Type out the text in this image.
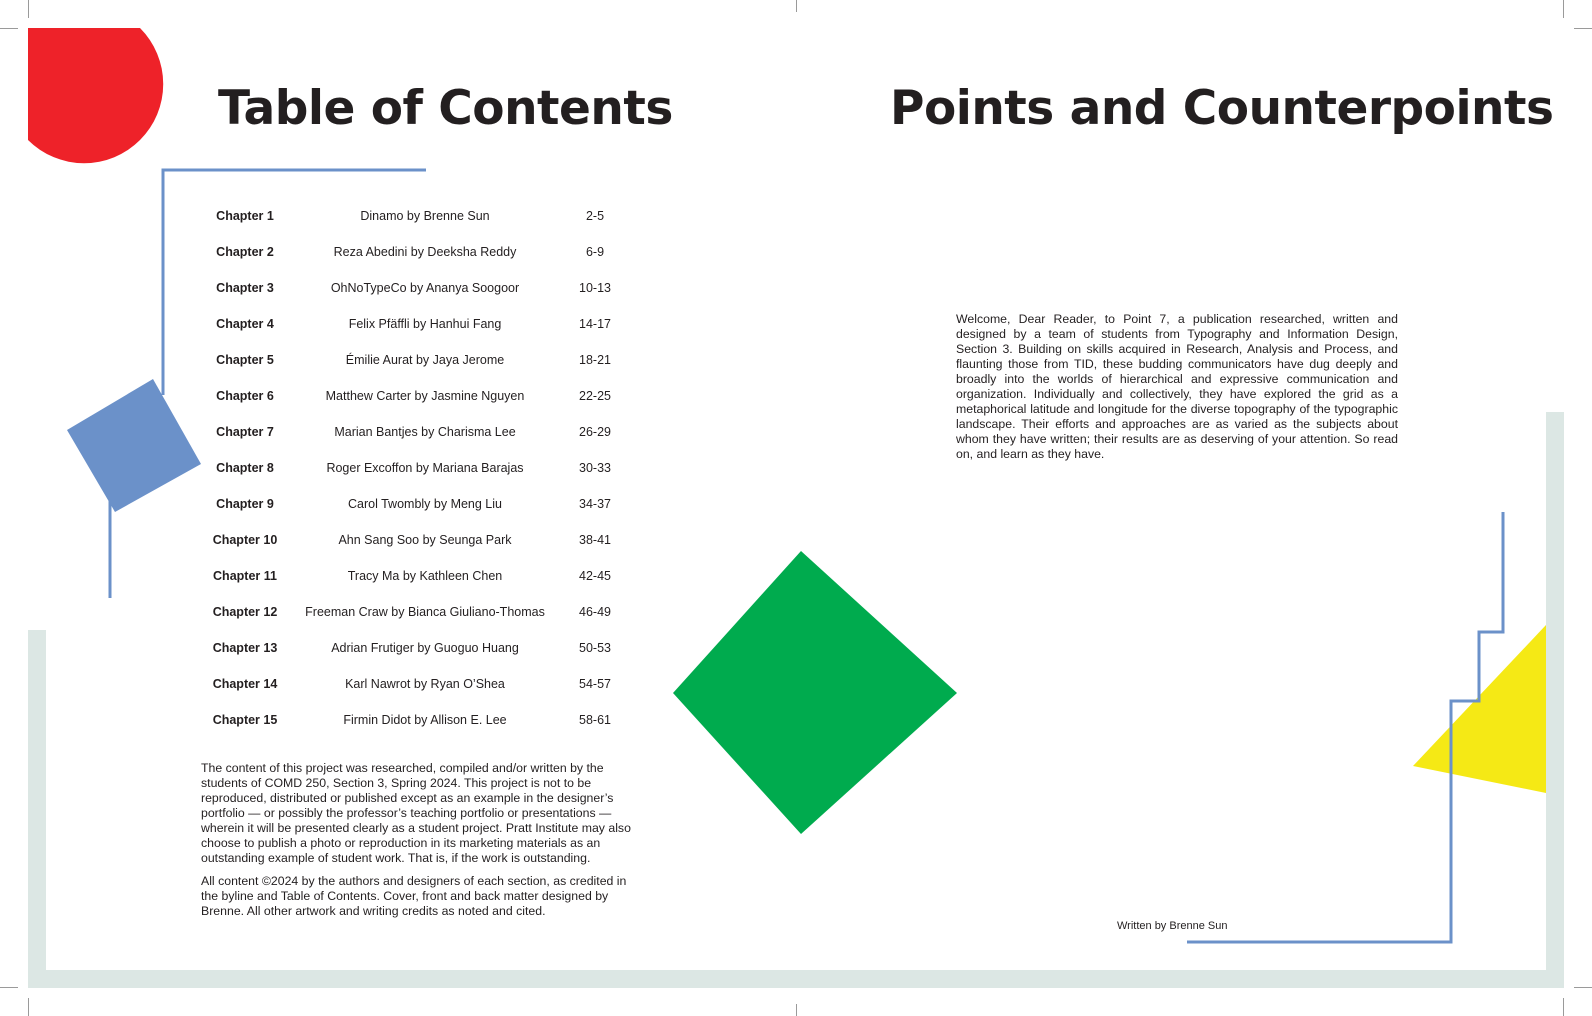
Table of Contents
Chapter 1	Dinamo by Brenne Sun	2-5
Chapter 2	Reza Abedini by Deeksha Reddy	6-9
Chapter 3	OhNoTypeCo by Ananya Soogoor	10-13
Chapter 4	Felix Pfäffli by Hanhui Fang	14-17
Chapter 5	Émilie Aurat by Jaya Jerome	18-21
Chapter 6	Matthew Carter by Jasmine Nguyen	22-25
Chapter 7	Marian Bantjes by Charisma Lee	26-29
Chapter 8	Roger Excoffon by Mariana Barajas	30-33
Chapter 9	Carol Twombly by Meng Liu	34-37
Chapter 10	Ahn Sang Soo by Seunga Park	38-41
Chapter 11	Tracy Ma by Kathleen Chen	42-45
Chapter 12	Freeman Craw by Bianca Giuliano-Thomas	46-49
Chapter 13	Adrian Frutiger by Guoguo Huang	50-53
Chapter 14	Karl Nawrot by Ryan O’Shea	54-57
Chapter 15	Firmin Didot by Allison E. Lee	58-61

The content of this project was researched, compiled and/or written by the students of COMD 250, Section 3, Spring 2024. This project is not to be reproduced, distributed or published except as an example in the designer’s portfolio — or possibly the professor’s teaching portfolio or presentations — wherein it will be presented clearly as a student project. Pratt Institute may also choose to publish a photo or reproduction in its marketing materials as an outstanding example of student work. That is, if the work is outstanding.

All content ©2024 by the authors and designers of each section, as credited in the byline and Table of Contents. Cover, front and back matter designed by Brenne. All other artwork and writing credits as noted and cited.

Points and Counterpoints

Welcome, Dear Reader, to Point 7, a publication researched, written and designed by a team of students from Typography and Information Design, Section 3. Building on skills acquired in Research, Analysis and Process, and flaunting those from TID, these budding communicators have dug deeply and broadly into the worlds of hierarchical and expressive communication and organization. Individually and collectively, they have explored the grid as a metaphorical latitude and longitude for the diverse topography of the typographic landscape. Their efforts and approaches are as varied as the subjects about whom they have written; their results are as deserving of your attention. So read on, and learn as they have.

Written by Brenne Sun
